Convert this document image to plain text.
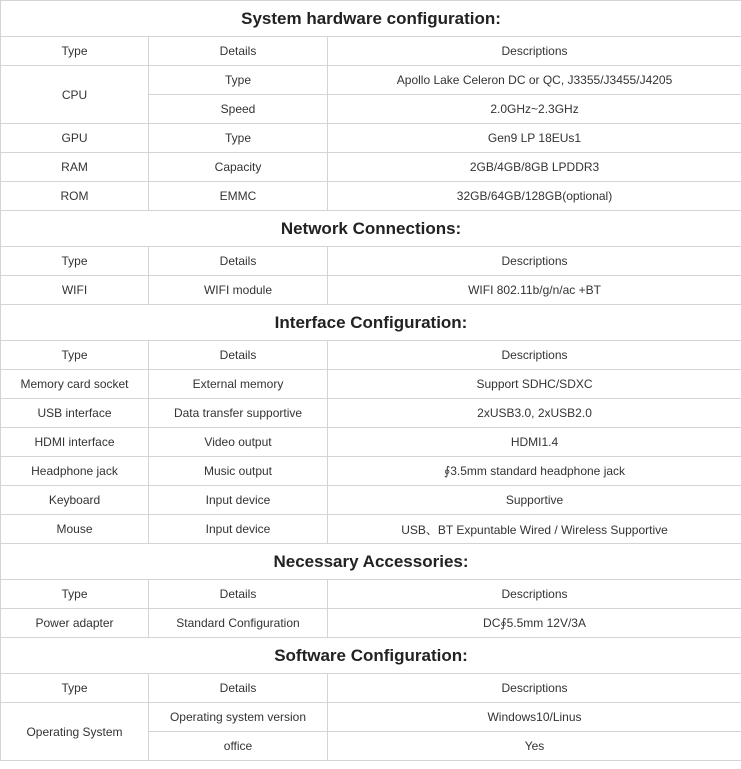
System hardware configuration:		
Type	Details	Descriptions
CPU	Type	Apollo Lake Celeron DC or QC, J3355/J3455/J4205
	Speed	2.0GHz~2.3GHz
GPU	Type	Gen9 LP 18EUs1
RAM	Capacity	2GB/4GB/8GB LPDDR3
ROM	EMMC	32GB/64GB/128GB(optional)
Network Connections:		
Type	Details	Descriptions
WIFI	WIFI module	WIFI 802.11b/g/n/ac +BT
Interface Configuration:		
Type	Details	Descriptions
Memory card socket	External memory	Support SDHC/SDXC
USB interface	Data transfer supportive	2xUSB3.0, 2xUSB2.0
HDMI interface	Video output	HDMI1.4
Headphone jack	Music output	∮3.5mm standard headphone jack
Keyboard	Input device	Supportive
Mouse	Input device	USB、BT Expuntable Wired / Wireless Supportive
Necessary Accessories:		
Type	Details	Descriptions
Power adapter	Standard Configuration	DC∮5.5mm 12V/3A
Software Configuration:		
Type	Details	Descriptions
Operating System	Operating system version	Windows10/Linus
	office	Yes
